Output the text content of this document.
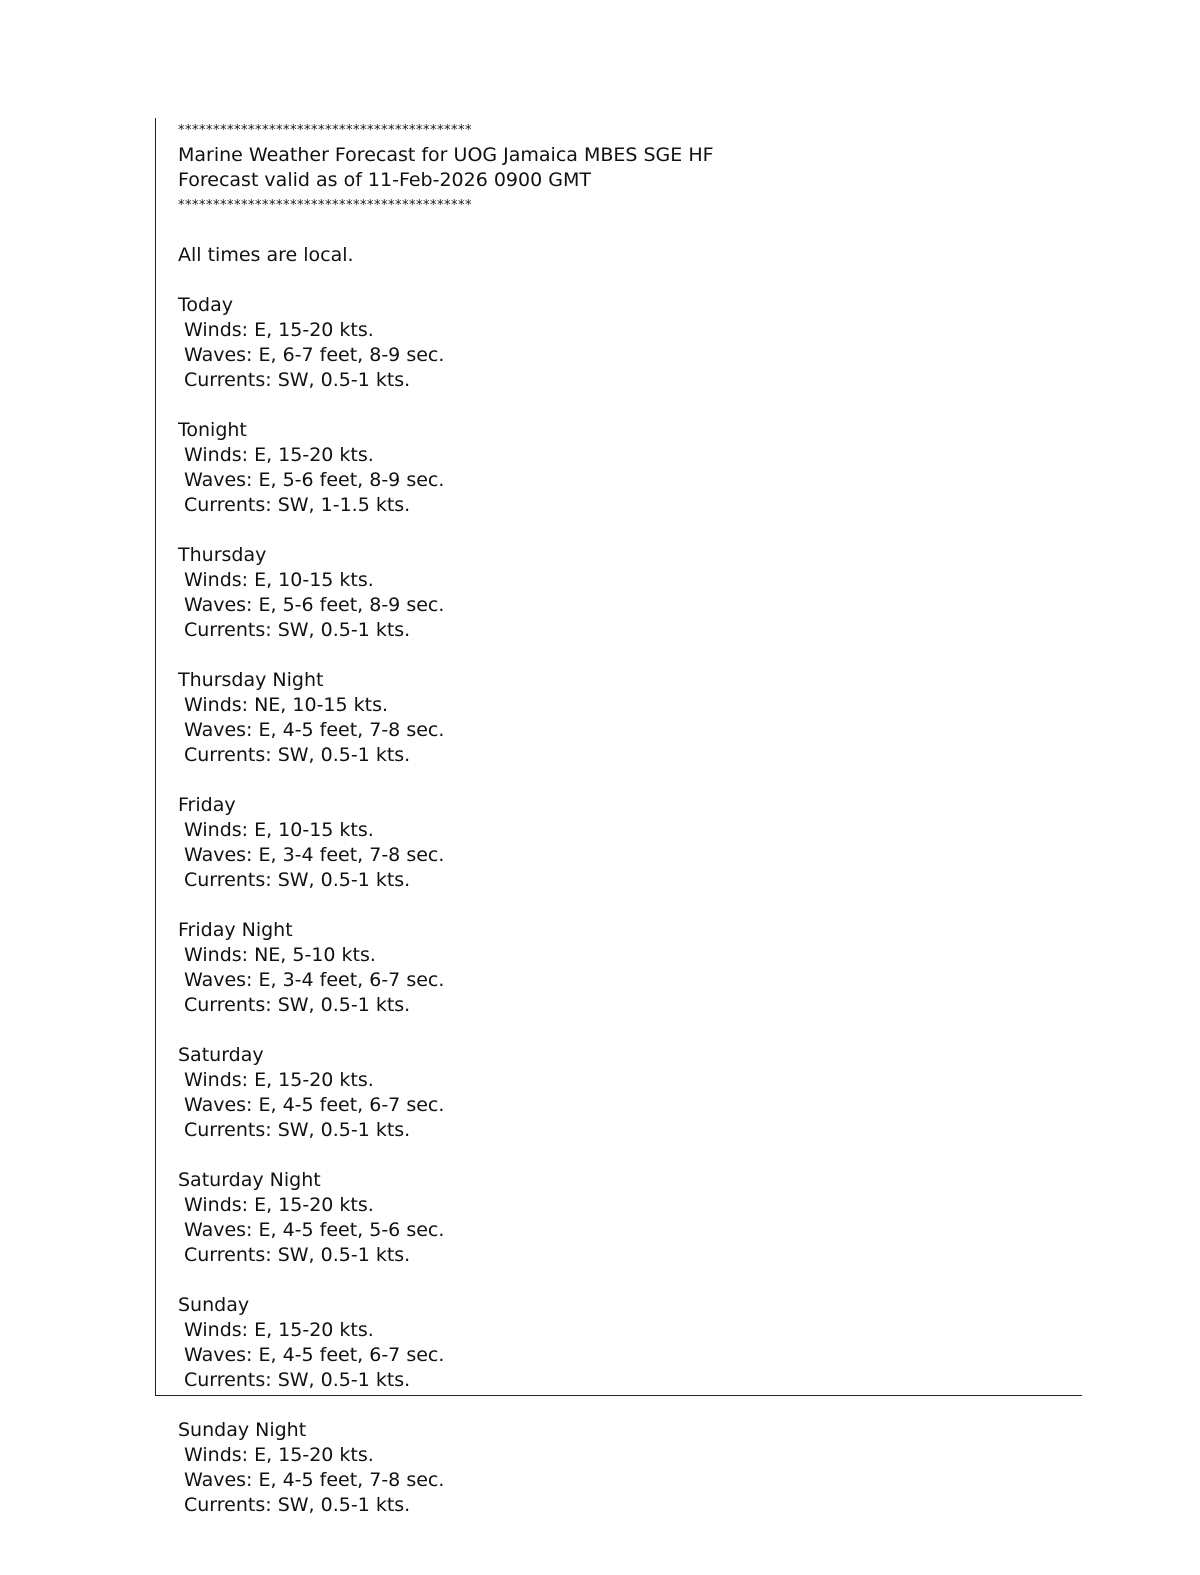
******************************************
Marine Weather Forecast for UOG Jamaica MBES SGE HF
Forecast valid as of 11-Feb-2026 0900 GMT
******************************************
All times are local.
Today
Winds: E, 15-20 kts.
Waves: E, 6-7 feet, 8-9 sec.
Currents: SW, 0.5-1 kts.
Tonight
Winds: E, 15-20 kts.
Waves: E, 5-6 feet, 8-9 sec.
Currents: SW, 1-1.5 kts.
Thursday
Winds: E, 10-15 kts.
Waves: E, 5-6 feet, 8-9 sec.
Currents: SW, 0.5-1 kts.
Thursday Night
Winds: NE, 10-15 kts.
Waves: E, 4-5 feet, 7-8 sec.
Currents: SW, 0.5-1 kts.
Friday
Winds: E, 10-15 kts.
Waves: E, 3-4 feet, 7-8 sec.
Currents: SW, 0.5-1 kts.
Friday Night
Winds: NE, 5-10 kts.
Waves: E, 3-4 feet, 6-7 sec.
Currents: SW, 0.5-1 kts.
Saturday
Winds: E, 15-20 kts.
Waves: E, 4-5 feet, 6-7 sec.
Currents: SW, 0.5-1 kts.
Saturday Night
Winds: E, 15-20 kts.
Waves: E, 4-5 feet, 5-6 sec.
Currents: SW, 0.5-1 kts.
Sunday
Winds: E, 15-20 kts.
Waves: E, 4-5 feet, 6-7 sec.
Currents: SW, 0.5-1 kts.
Sunday Night
Winds: E, 15-20 kts.
Waves: E, 4-5 feet, 7-8 sec.
Currents: SW, 0.5-1 kts.
